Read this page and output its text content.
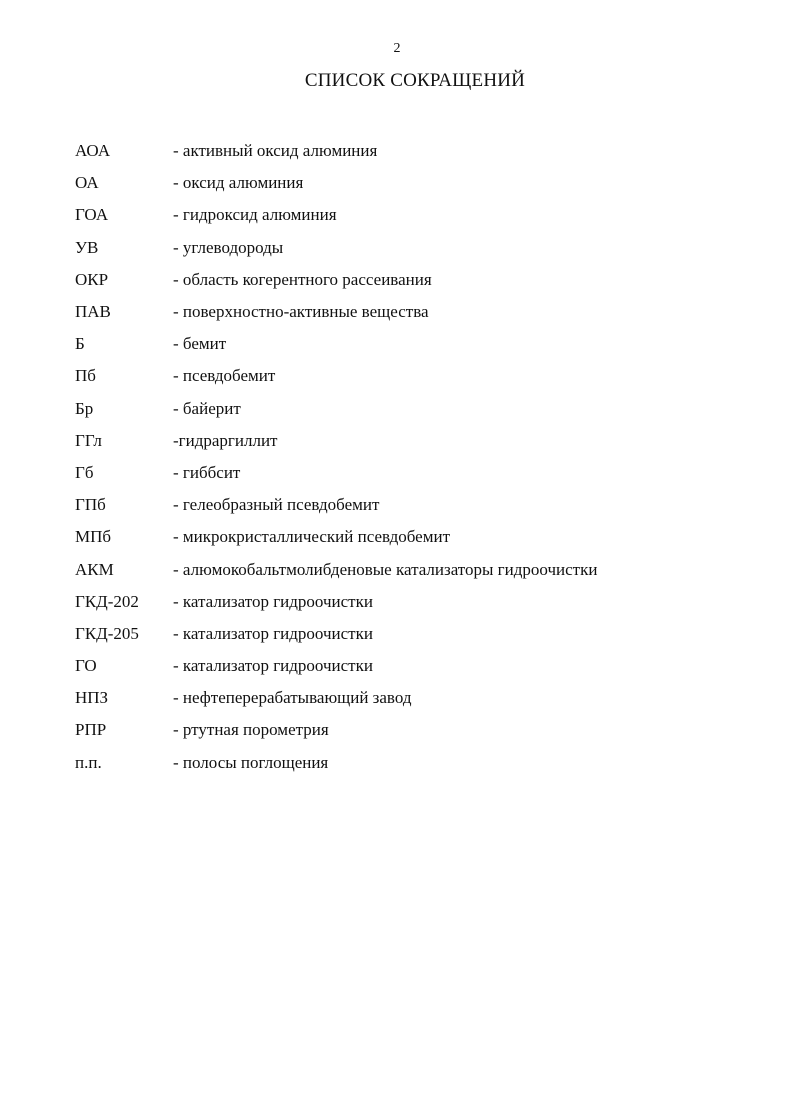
2
СПИСОК СОКРАЩЕНИЙ
АОА	- активный оксид алюминия
ОА	- оксид алюминия
ГОА	- гидроксид алюминия
УВ	- углеводороды
ОКР	- область когерентного рассеивания
ПАВ	- поверхностно-активные вещества
Б	- бемит
Пб	- псевдобемит
Бр	- байерит
ГГл	-гидраргиллит
Гб	- гиббсит
ГПб	- гелеобразный псевдобемит
МПб	- микрокристаллический псевдобемит
АКМ	- алюмокобальтмолибденовые катализаторы гидроочистки
ГКД-202	- катализатор гидроочистки
ГКД-205	- катализатор гидроочистки
ГО	- катализатор гидроочистки
НПЗ	- нефтеперерабатывающий завод
РПР	- ртутная порометрия
п.п.	- полосы поглощения
